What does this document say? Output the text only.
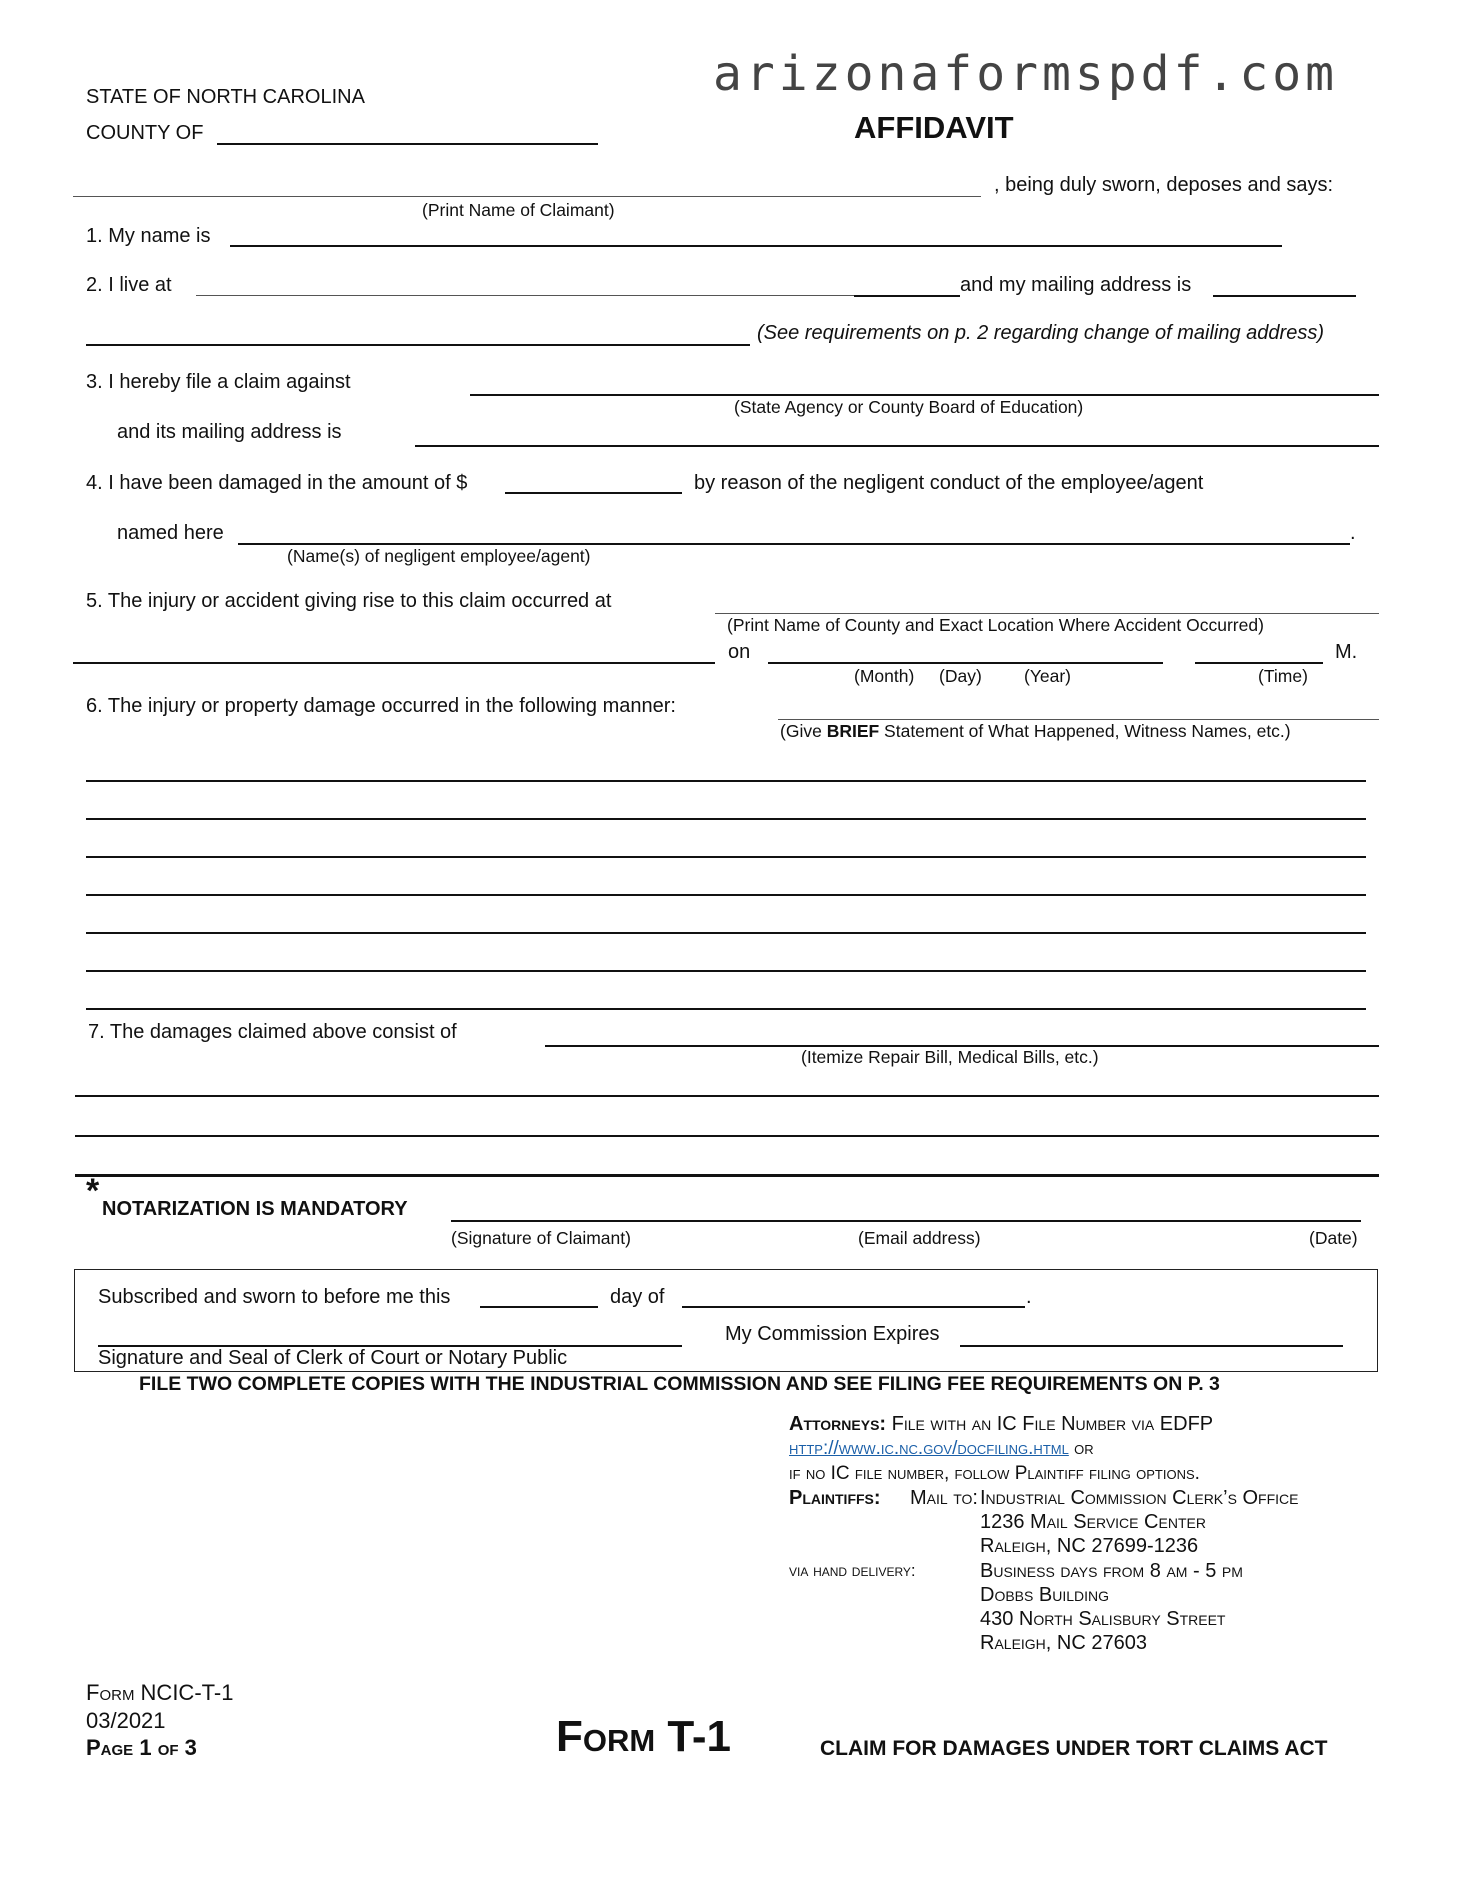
arizonaformspdf.com
STATE OF NORTH CAROLINA
COUNTY OF	AFFIDAVIT
, being duly sworn, deposes and says:
(Print Name of Claimant)
1. My name is
2. I live at	and my mailing address is
(See requirements on p. 2 regarding change of mailing address)
3. I hereby file a claim against
(State Agency or County Board of Education)
and its mailing address is
4. I have been damaged in the amount of $	by reason of the negligent conduct of the employee/agent
named here	.
(Name(s) of negligent employee/agent)
5. The injury or accident giving rise to this claim occurred at
(Print Name of County and Exact Location Where Accident Occurred)
on	M.
(Month) (Day) (Year)	(Time)
6. The injury or property damage occurred in the following manner:
(Give BRIEF Statement of What Happened, Witness Names, etc.)
7. The damages claimed above consist of
(Itemize Repair Bill, Medical Bills, etc.)
* NOTARIZATION IS MANDATORY
(Signature of Claimant)	(Email address)	(Date)
Subscribed and sworn to before me this	day of	.
My Commission Expires
Signature and Seal of Clerk of Court or Notary Public
FILE TWO COMPLETE COPIES WITH THE INDUSTRIAL COMMISSION AND SEE FILING FEE REQUIREMENTS ON P. 3
Attorneys: File with an IC File Number via EDFP
http://www.ic.nc.gov/docfiling.html or
if no IC file number, follow Plaintiff filing options.
Plaintiffs: Mail to: Industrial Commission Clerk’s Office
1236 Mail Service Center
Raleigh, NC 27699-1236
via hand delivery:	Business days from 8 am - 5 pm
Dobbs Building
430 North Salisbury Street
Raleigh, NC 27603
Form NCIC-T-1
03/2021
Page 1 of 3	Form T-1	CLAIM FOR DAMAGES UNDER TORT CLAIMS ACT
